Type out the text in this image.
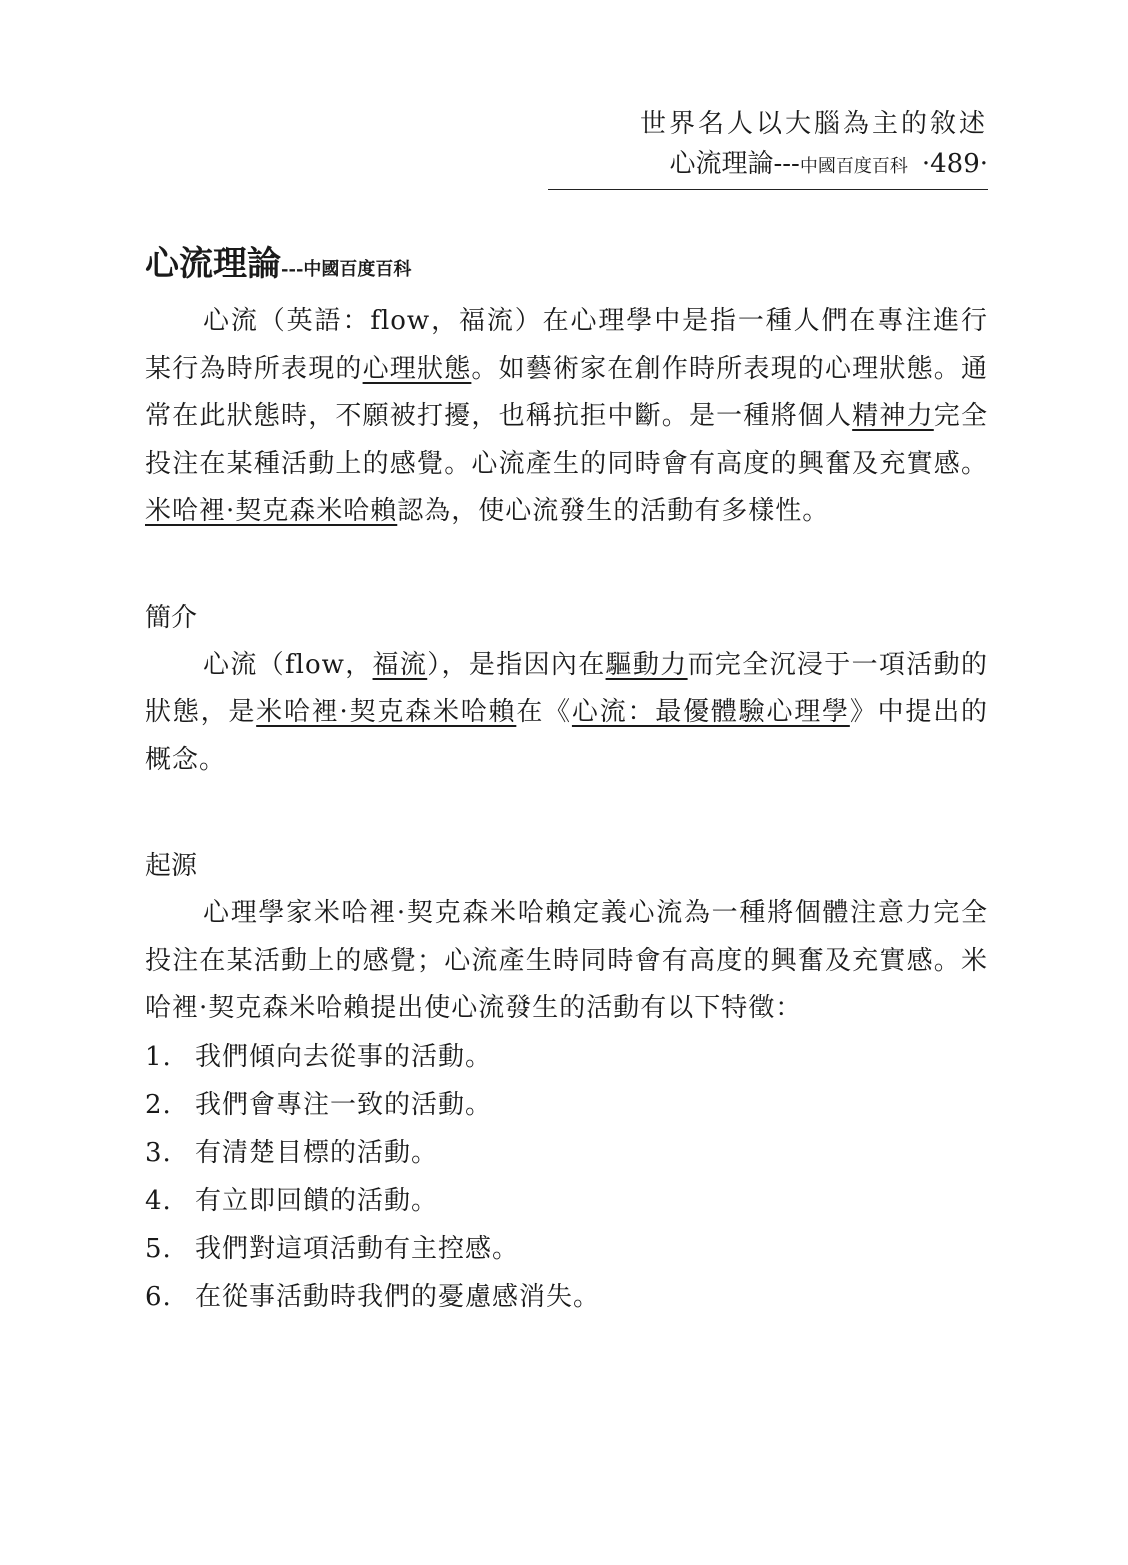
世界名人以大腦為主的敘述
心流理論---中國百度百科 ·489·
心流理論---中國百度百科

心流（英語：flow，福流）在心理學中是指一種人們在專注進行某行為時所表現的心理狀態。如藝術家在創作時所表現的心理狀態。通常在此狀態時，不願被打擾，也稱抗拒中斷。是一種將個人精神力完全投注在某種活動上的感覺。心流產生的同時會有高度的興奮及充實感。米哈裡·契克森米哈賴認為，使心流發生的活動有多樣性。

簡介

心流（flow，福流），是指因內在驅動力而完全沉浸于一項活動的狀態，是米哈裡·契克森米哈賴在《心流：最優體驗心理學》中提出的概念。

起源

心理學家米哈裡·契克森米哈賴定義心流為一種將個體注意力完全投注在某活動上的感覺；心流產生時同時會有高度的興奮及充實感。米哈裡·契克森米哈賴提出使心流發生的活動有以下特徵：

1. 我們傾向去從事的活動。
2. 我們會專注一致的活動。
3. 有清楚目標的活動。
4. 有立即回饋的活動。
5. 我們對這項活動有主控感。
6. 在從事活動時我們的憂慮感消失。
